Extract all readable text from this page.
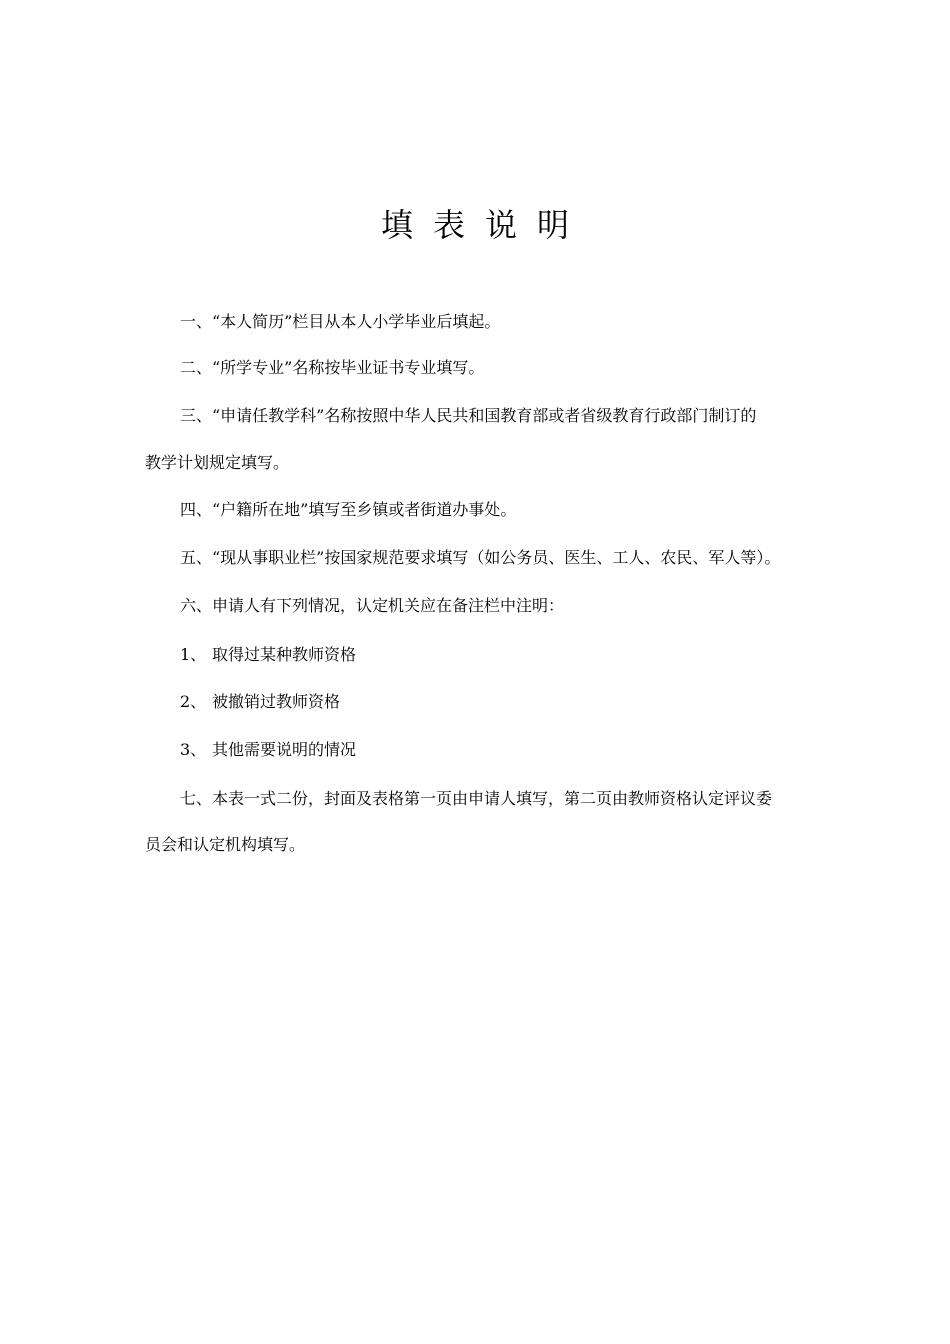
填表说明
一、“本人简历”栏目从本人小学毕业后填起。
二、“所学专业”名称按毕业证书专业填写。
三、“申请任教学科”名称按照中华人民共和国教育部或者省级教育行政部门制订的
教学计划规定填写。
四、“户籍所在地”填写至乡镇或者街道办事处。
五、“现从事职业栏”按国家规范要求填写（如公务员、医生、工人、农民、军人等）。
六、申请人有下列情况，认定机关应在备注栏中注明：
1、 取得过某种教师资格
2、 被撤销过教师资格
3、 其他需要说明的情况
七、本表一式二份，封面及表格第一页由申请人填写，第二页由教师资格认定评议委
员会和认定机构填写。
